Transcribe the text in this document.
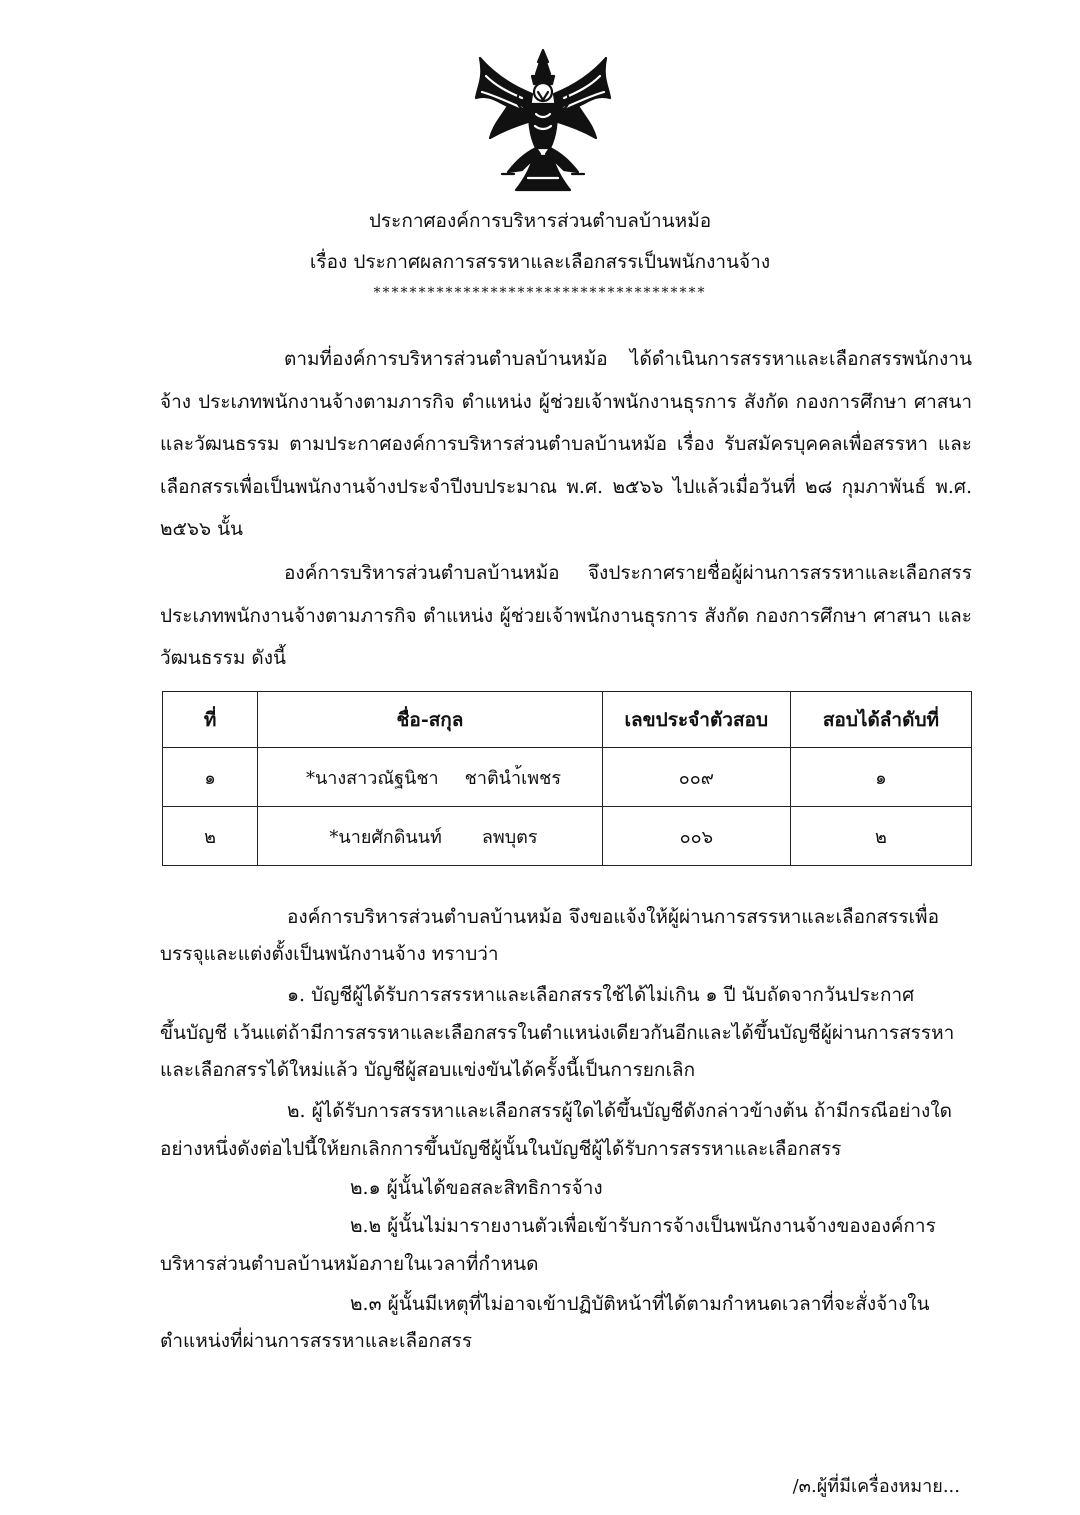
ประกาศองค์การบริหารส่วนตำบลบ้านหม้อ
เรื่อง ประกาศผลการสรรหาและเลือกสรรเป็นพนักงานจ้าง
*************************************
ตามที่องค์การบริหารส่วนตำบลบ้านหม้อ ได้ดำเนินการสรรหาและเลือกสรรพนักงานจ้าง ประเภทพนักงานจ้างตามภารกิจ ตำแหน่ง ผู้ช่วยเจ้าพนักงานธุรการ สังกัด กองการศึกษา ศาสนา และวัฒนธรรม ตามประกาศองค์การบริหารส่วนตำบลบ้านหม้อ เรื่อง รับสมัครบุคคลเพื่อสรรหา และเลือกสรรเพื่อเป็นพนักงานจ้างประจำปีงบประมาณ พ.ศ. ๒๕๖๖ ไปแล้วเมื่อวันที่ ๒๘ กุมภาพันธ์ พ.ศ. ๒๕๖๖ นั้น
องค์การบริหารส่วนตำบลบ้านหม้อ จึงประกาศรายชื่อผู้ผ่านการสรรหาและเลือกสรร ประเภทพนักงานจ้างตามภารกิจ ตำแหน่ง ผู้ช่วยเจ้าพนักงานธุรการ สังกัด กองการศึกษา ศาสนา และวัฒนธรรม ดังนี้
ที่	ชื่อ-สกุล	เลขประจำตัวสอบ	สอบได้ลำดับที่
๑	*นางสาวณัฐนิชา ชาตินำ้เพชร	๐๐๙	๑
๒	*นายศักดินนท์ ลพบุตร	๐๐๖	๒
องค์การบริหารส่วนตำบลบ้านหม้อ จึงขอแจ้งให้ผู้ผ่านการสรรหาและเลือกสรรเพื่อ
บรรจุและแต่งตั้งเป็นพนักงานจ้าง ทราบว่า
๑. บัญชีผู้ได้รับการสรรหาและเลือกสรรใช้ได้ไม่เกิน ๑ ปี นับถัดจากวันประกาศ
ขึ้นบัญชี เว้นแต่ถ้ามีการสรรหาและเลือกสรรในตำแหน่งเดียวกันอีกและได้ขึ้นบัญชีผู้ผ่านการสรรหา
และเลือกสรรได้ใหม่แล้ว บัญชีผู้สอบแข่งขันได้ครั้งนี้เป็นการยกเลิก
๒. ผู้ได้รับการสรรหาและเลือกสรรผู้ใดได้ขึ้นบัญชีดังกล่าวข้างต้น ถ้ามีกรณีอย่างใด
อย่างหนึ่งดังต่อไปนี้ให้ยกเลิกการขึ้นบัญชีผู้นั้นในบัญชีผู้ได้รับการสรรหาและเลือกสรร
๒.๑ ผู้นั้นได้ขอสละสิทธิการจ้าง
๒.๒ ผู้นั้นไม่มารายงานตัวเพื่อเข้ารับการจ้างเป็นพนักงานจ้างขององค์การ
บริหารส่วนตำบลบ้านหม้อภายในเวลาที่กำหนด
๒.๓ ผู้นั้นมีเหตุที่ไม่อาจเข้าปฏิบัติหน้าที่ได้ตามกำหนดเวลาที่จะสั่งจ้างใน
ตำแหน่งที่ผ่านการสรรหาและเลือกสรร
/๓.ผู้ที่มีเครื่องหมาย...
